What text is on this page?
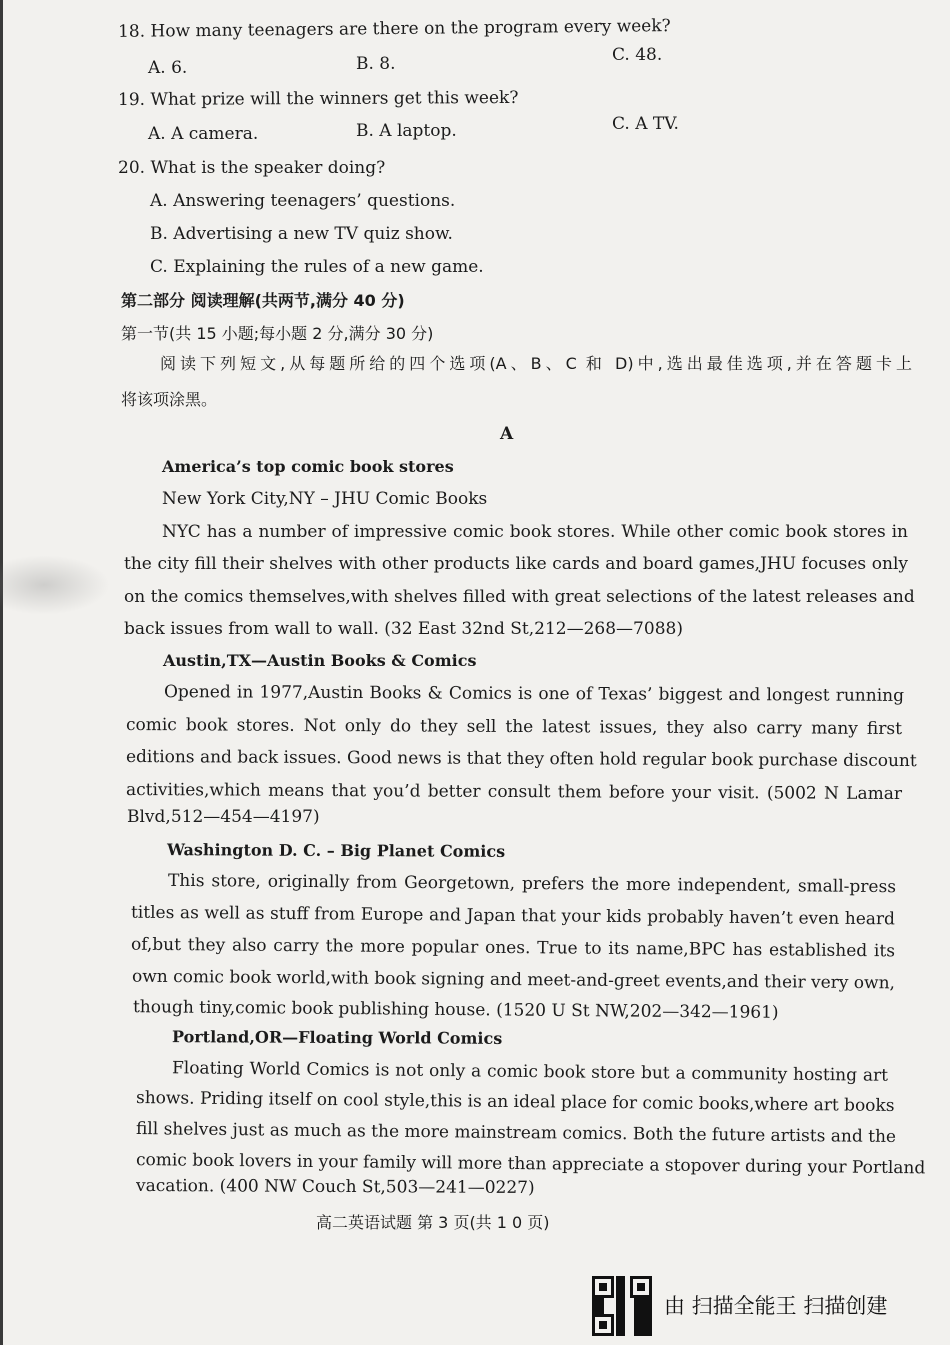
18. How many teenagers are there on the program every week?
A. 6.	B. 8.	C. 48.
19. What prize will the winners get this week?
A. A camera.	B. A laptop.	C. A TV.
20. What is the speaker doing?
A. Answering teenagers’ questions.
B. Advertising a new TV quiz show.
C. Explaining the rules of a new game.
第二部分 阅读理解(共两节,满分 40 分)
第一节(共 15 小题;每小题 2 分,满分 30 分)
阅读下列短文,从每题所给的四个选项(A、B、C 和 D)中,选出最佳选项,并在答题卡上
将该项涂黑。
A
America’s top comic book stores
New York City,NY – JHU Comic Books
NYC has a number of impressive comic book stores. While other comic book stores in
the city fill their shelves with other products like cards and board games,JHU focuses only
on the comics themselves,with shelves filled with great selections of the latest releases and
back issues from wall to wall. (32 East 32nd St,212—268—7088)
Austin,TX—Austin Books & Comics
Opened in 1977,Austin Books & Comics is one of Texas’ biggest and longest running
comic book stores. Not only do they sell the latest issues, they also carry many first
editions and back issues. Good news is that they often hold regular book purchase discount
activities,which means that you’d better consult them before your visit. (5002 N Lamar
Blvd,512—454—4197)
Washington D. C. – Big Planet Comics
This store, originally from Georgetown, prefers the more independent, small-press
titles as well as stuff from Europe and Japan that your kids probably haven’t even heard
of,but they also carry the more popular ones. True to its name,BPC has established its
own comic book world,with book signing and meet-and-greet events,and their very own,
though tiny,comic book publishing house. (1520 U St NW,202—342—1961)
Portland,OR—Floating World Comics
Floating World Comics is not only a comic book store but a community hosting art
shows. Priding itself on cool style,this is an ideal place for comic books,where art books
fill shelves just as much as the more mainstream comics. Both the future artists and the
comic book lovers in your family will more than appreciate a stopover during your Portland
vacation. (400 NW Couch St,503—241—0227)
高二英语试题 第 3 页(共 1 0 页)
由 扫描全能王 扫描创建
